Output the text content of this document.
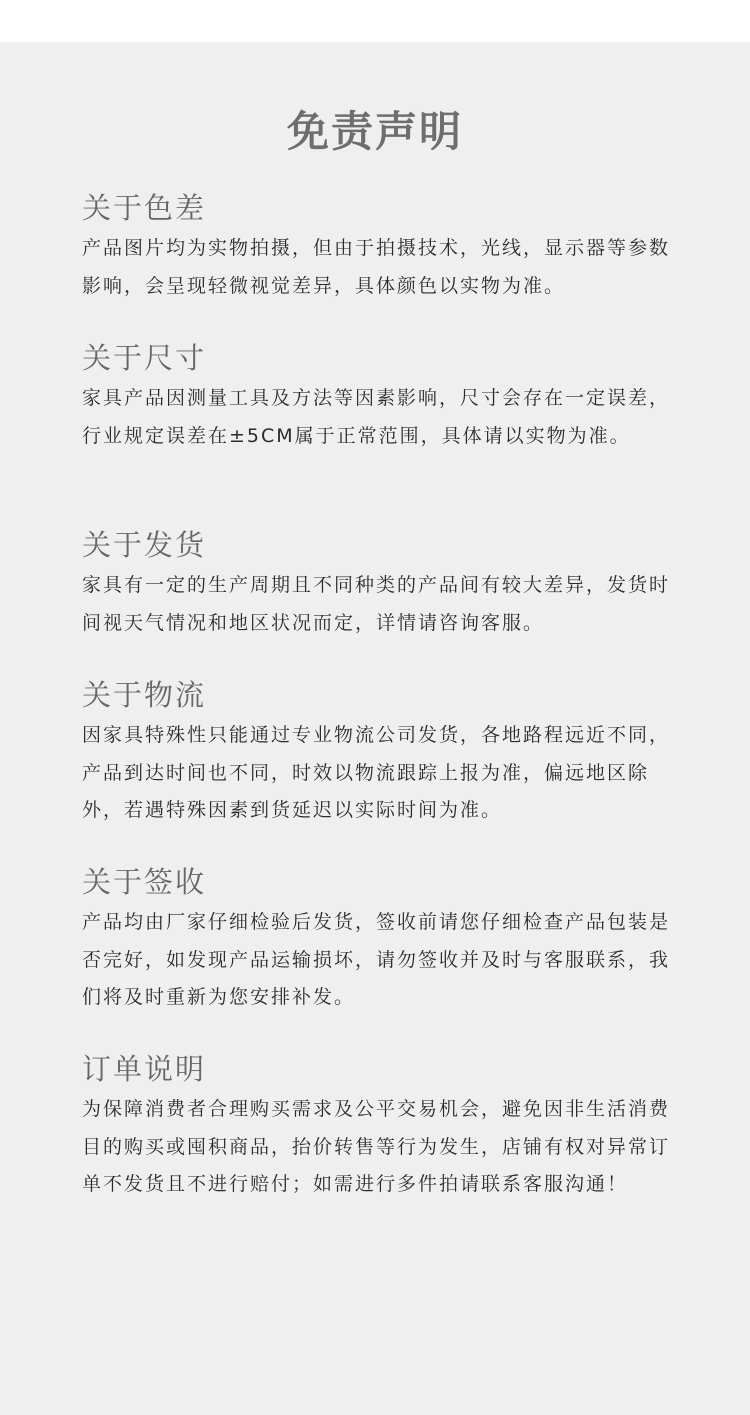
免责声明
关于色差

产品图片均为实物拍摄，但由于拍摄技术，光线，显示器等参数影响，会呈现轻微视觉差异，具体颜色以实物为准。

关于尺寸

家具产品因测量工具及方法等因素影响，尺寸会存在一定误差，行业规定误差在±5CM属于正常范围，具体请以实物为准。

关于发货

家具有一定的生产周期且不同种类的产品间有较大差异，发货时间视天气情况和地区状况而定，详情请咨询客服。

关于物流

因家具特殊性只能通过专业物流公司发货，各地路程远近不同，产品到达时间也不同，时效以物流跟踪上报为准，偏远地区除外，若遇特殊因素到货延迟以实际时间为准。

关于签收

产品均由厂家仔细检验后发货，签收前请您仔细检查产品包装是否完好，如发现产品运输损坏，请勿签收并及时与客服联系，我们将及时重新为您安排补发。

订单说明

为保障消费者合理购买需求及公平交易机会，避免因非生活消费目的购买或囤积商品，抬价转售等行为发生，店铺有权对异常订单不发货且不进行赔付；如需进行多件拍请联系客服沟通！
